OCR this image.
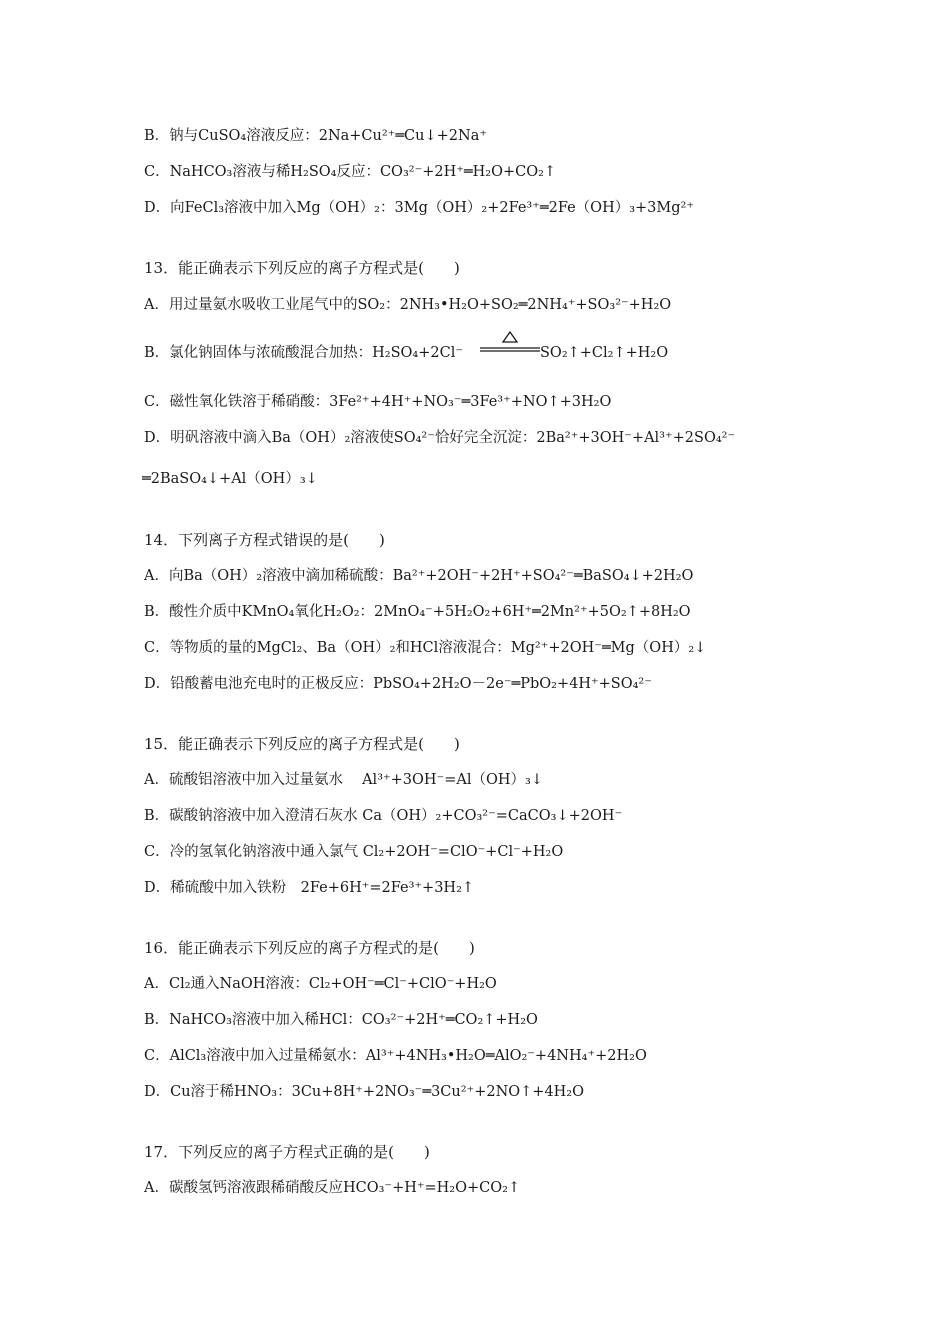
B．钠与CuSO₄溶液反应：2Na+Cu²⁺═Cu↓+2Na⁺
C．NaHCO₃溶液与稀H₂SO₄反应：CO₃²⁻+2H⁺═H₂O+CO₂↑
D．向FeCl₃溶液中加入Mg（OH）₂：3Mg（OH）₂+2Fe³⁺═2Fe（OH）₃+3Mg²⁺
13．能正确表示下列反应的离子方程式是(　　)
A．用过量氨水吸收工业尾气中的SO₂：2NH₃•H₂O+SO₂═2NH₄⁺+SO₃²⁻+H₂O
B．氯化钠固体与浓硫酸混合加热：H₂SO₄+2Cl⁻	SO₂↑+Cl₂↑+H₂O
C．磁性氧化铁溶于稀硝酸：3Fe²⁺+4H⁺+NO₃⁻═3Fe³⁺+NO↑+3H₂O
D．明矾溶液中滴入Ba（OH）₂溶液使SO₄²⁻恰好完全沉淀：2Ba²⁺+3OH⁻+Al³⁺+2SO₄²⁻
═2BaSO₄↓+Al（OH）₃↓
14．下列离子方程式错误的是(　　)
A．向Ba（OH）₂溶液中滴加稀硫酸：Ba²⁺+2OH⁻+2H⁺+SO₄²⁻═BaSO₄↓+2H₂O
B．酸性介质中KMnO₄氧化H₂O₂：2MnO₄⁻+5H₂O₂+6H⁺═2Mn²⁺+5O₂↑+8H₂O
C．等物质的量的MgCl₂、Ba（OH）₂和HCl溶液混合：Mg²⁺+2OH⁻═Mg（OH）₂↓
D．铅酸蓄电池充电时的正极反应：PbSO₄+2H₂O－2e⁻═PbO₂+4H⁺+SO₄²⁻
15．能正确表示下列反应的离子方程式是(　　)
A．硫酸铝溶液中加入过量氨水　 Al³⁺+3OH⁻=Al（OH）₃↓
B．碳酸钠溶液中加入澄清石灰水 Ca（OH）₂+CO₃²⁻=CaCO₃↓+2OH⁻
C．冷的氢氧化钠溶液中通入氯气 Cl₂+2OH⁻=ClO⁻+Cl⁻+H₂O
D．稀硫酸中加入铁粉　2Fe+6H⁺=2Fe³⁺+3H₂↑
16．能正确表示下列反应的离子方程式的是(　　)
A．Cl₂通入NaOH溶液：Cl₂+OH⁻═Cl⁻+ClO⁻+H₂O
B．NaHCO₃溶液中加入稀HCl：CO₃²⁻+2H⁺═CO₂↑+H₂O
C．AlCl₃溶液中加入过量稀氨水：Al³⁺+4NH₃•H₂O═AlO₂⁻+4NH₄⁺+2H₂O
D．Cu溶于稀HNO₃：3Cu+8H⁺+2NO₃⁻═3Cu²⁺+2NO↑+4H₂O
17．下列反应的离子方程式正确的是(　　)
A．碳酸氢钙溶液跟稀硝酸反应HCO₃⁻+H⁺=H₂O+CO₂↑
